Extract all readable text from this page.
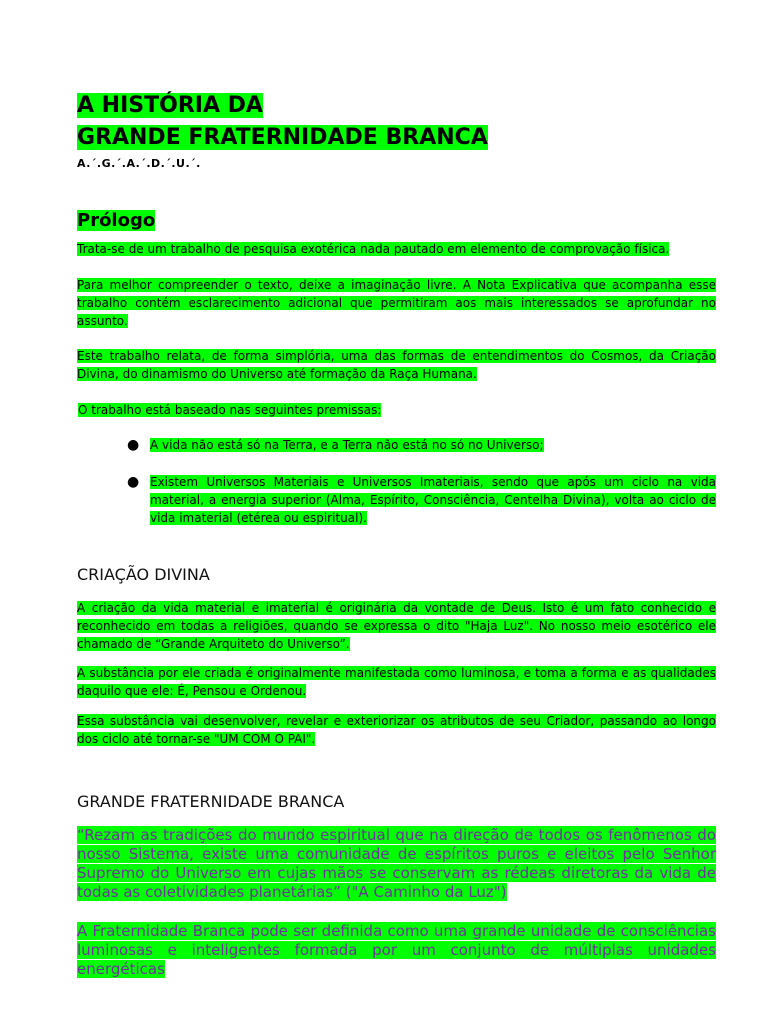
A HISTÓRIA DA
GRANDE FRATERNIDADE BRANCA
A.´.G.´.A.´.D.´.U.´.
Prólogo
Trata-se de um trabalho de pesquisa exotérica nada pautado em elemento de comprovação física.
Para melhor compreender o texto, deixe a imaginação livre. A Nota Explicativa que acompanha esse trabalho contém esclarecimento adicional que permitiram aos mais interessados se aprofundar no assunto.
Este trabalho relata, de forma simplória, uma das formas de entendimentos do Cosmos, da Criação Divina, do dinamismo do Universo até formação da Raça Humana.
O trabalho está baseado nas seguintes premissas:
● A vida não está só na Terra, e a Terra não está no só no Universo;
● Existem Universos Materiais e Universos Imateriais, sendo que após um ciclo na vida material, a energia superior (Alma, Espírito, Consciência, Centelha Divina), volta ao ciclo de vida imaterial (etérea ou espiritual).
CRIAÇÃO DIVINA
A criação da vida material e imaterial é originária da vontade de Deus. Isto é um fato conhecido e reconhecido em todas a religiões, quando se expressa o dito "Haja Luz". No nosso meio esotérico ele chamado de “Grande Arquiteto do Universo”.
A substância por ele criada é originalmente manifestada como luminosa, e toma a forma e as qualidades daquilo que ele: É, Pensou e Ordenou.
Essa substância vai desenvolver, revelar e exteriorizar os atributos de seu Criador, passando ao longo dos ciclo até tornar-se "UM COM O PAI".
GRANDE FRATERNIDADE BRANCA
“Rezam as tradições do mundo espiritual que na direção de todos os fenômenos do nosso Sistema, existe uma comunidade de espíritos puros e eleitos pelo Senhor Supremo do Universo em cujas mãos se conservam as rédeas diretoras da vida de todas as coletividades planetárias” ("A Caminho da Luz")
A Fraternidade Branca pode ser definida como uma grande unidade de consciências luminosas e inteligentes formada por um conjunto de múltiplas unidades energéticas
